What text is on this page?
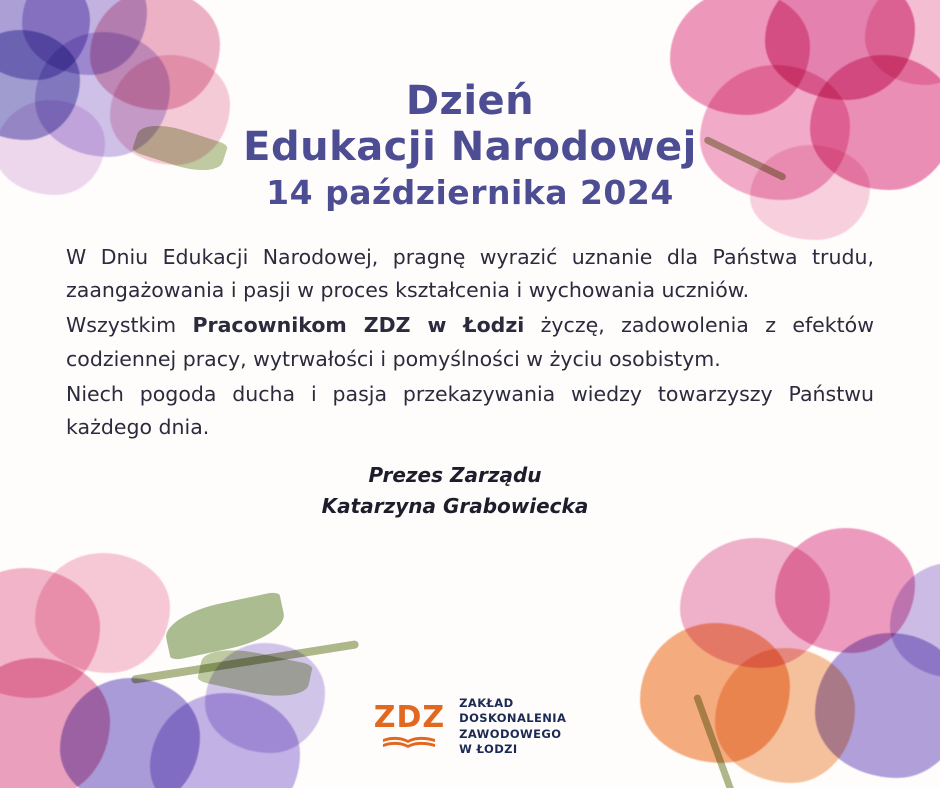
Dzień
Edukacji Narodowej
14 października 2024

W Dniu Edukacji Narodowej, pragnę wyrazić uznanie dla Państwa trudu, zaangażowania i pasji w proces kształcenia i wychowania uczniów.

Wszystkim Pracownikom ZDZ w Łodzi życzę, zadowolenia z efektów codziennej pracy, wytrwałości i pomyślności w życiu osobistym.

Niech pogoda ducha i pasja przekazywania wiedzy towarzyszy Państwu każdego dnia.

Prezes Zarządu
Katarzyna Grabowiecka
ZDZ ZAKŁAD
DOSKONALENIA
ZAWODOWEGO
W ŁODZI
